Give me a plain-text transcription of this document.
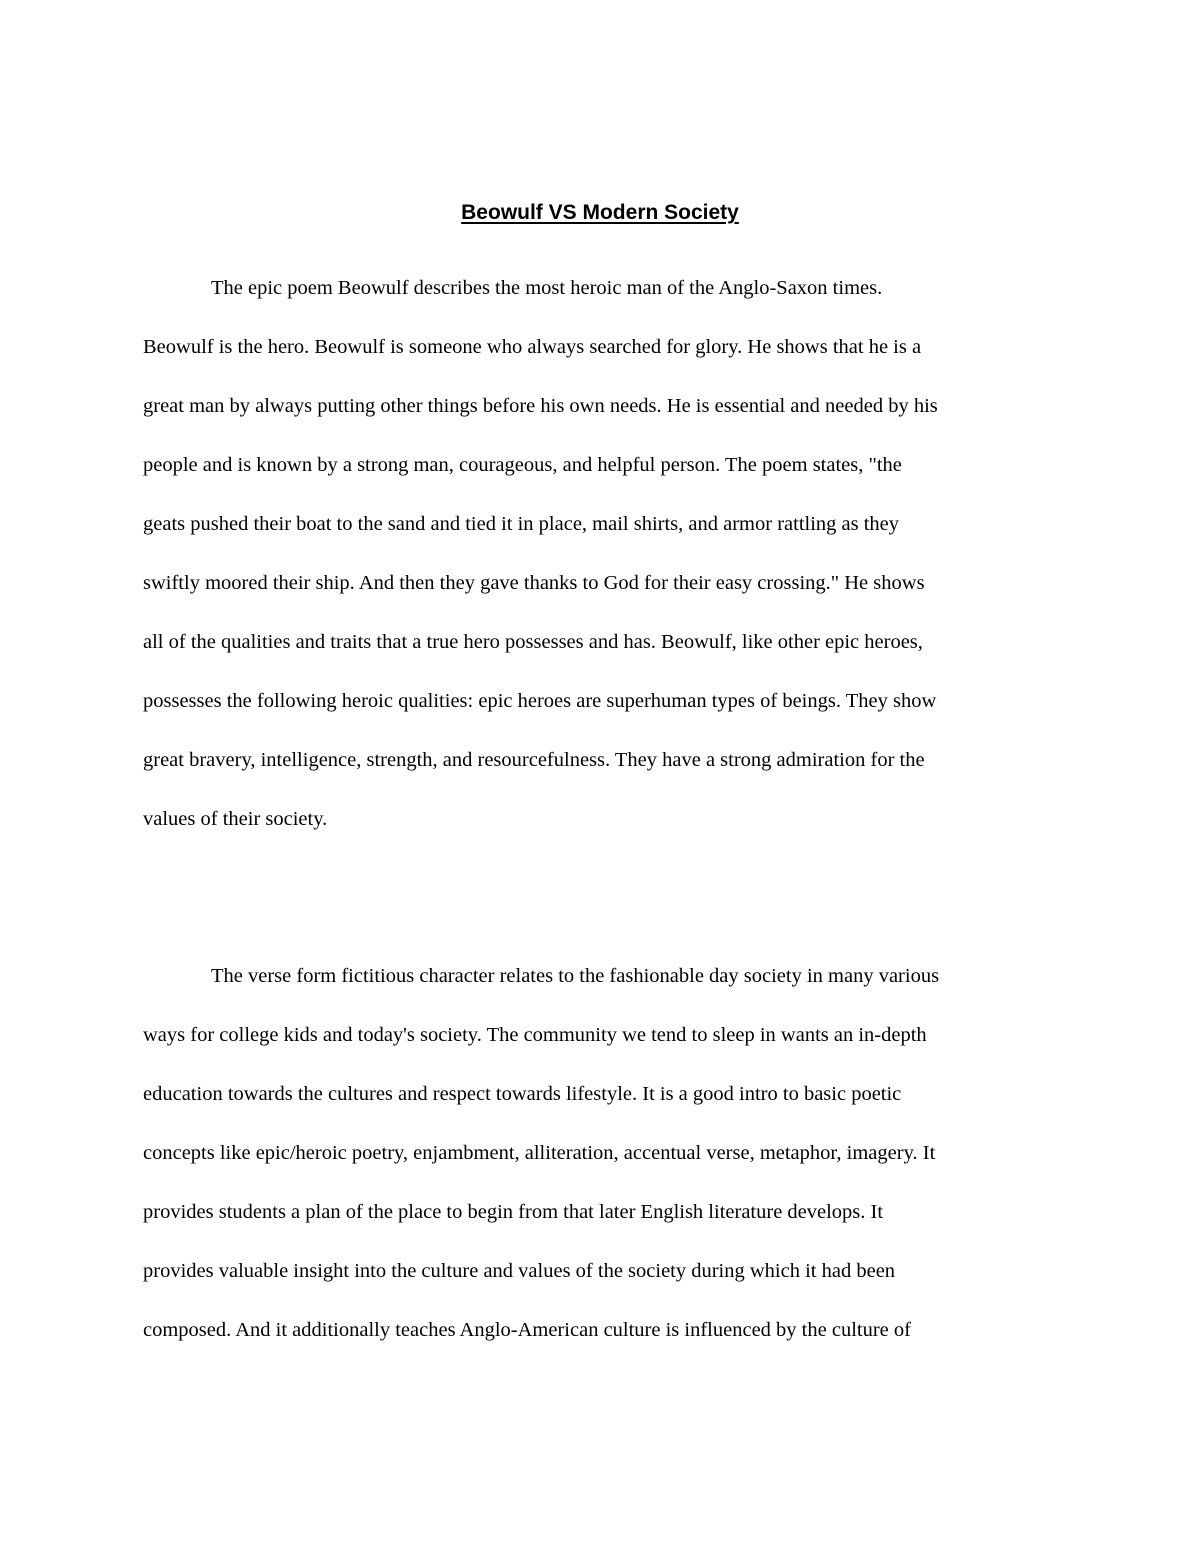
Beowulf VS Modern Society
The epic poem Beowulf describes the most heroic man of the Anglo-Saxon times.
Beowulf is the hero. Beowulf is someone who always searched for glory. He shows that he is a
great man by always putting other things before his own needs. He is essential and needed by his
people and is known by a strong man, courageous, and helpful person. The poem states, "the
geats pushed their boat to the sand and tied it in place, mail shirts, and armor rattling as they
swiftly moored their ship. And then they gave thanks to God for their easy crossing." He shows
all of the qualities and traits that a true hero possesses and has. Beowulf, like other epic heroes,
possesses the following heroic qualities: epic heroes are superhuman types of beings. They show
great bravery, intelligence, strength, and resourcefulness. They have a strong admiration for the
values of their society.
The verse form fictitious character relates to the fashionable day society in many various
ways for college kids and today's society. The community we tend to sleep in wants an in-depth
education towards the cultures and respect towards lifestyle. It is a good intro to basic poetic
concepts like epic/heroic poetry, enjambment, alliteration, accentual verse, metaphor, imagery. It
provides students a plan of the place to begin from that later English literature develops. It
provides valuable insight into the culture and values of the society during which it had been
composed. And it additionally teaches Anglo-American culture is influenced by the culture of
